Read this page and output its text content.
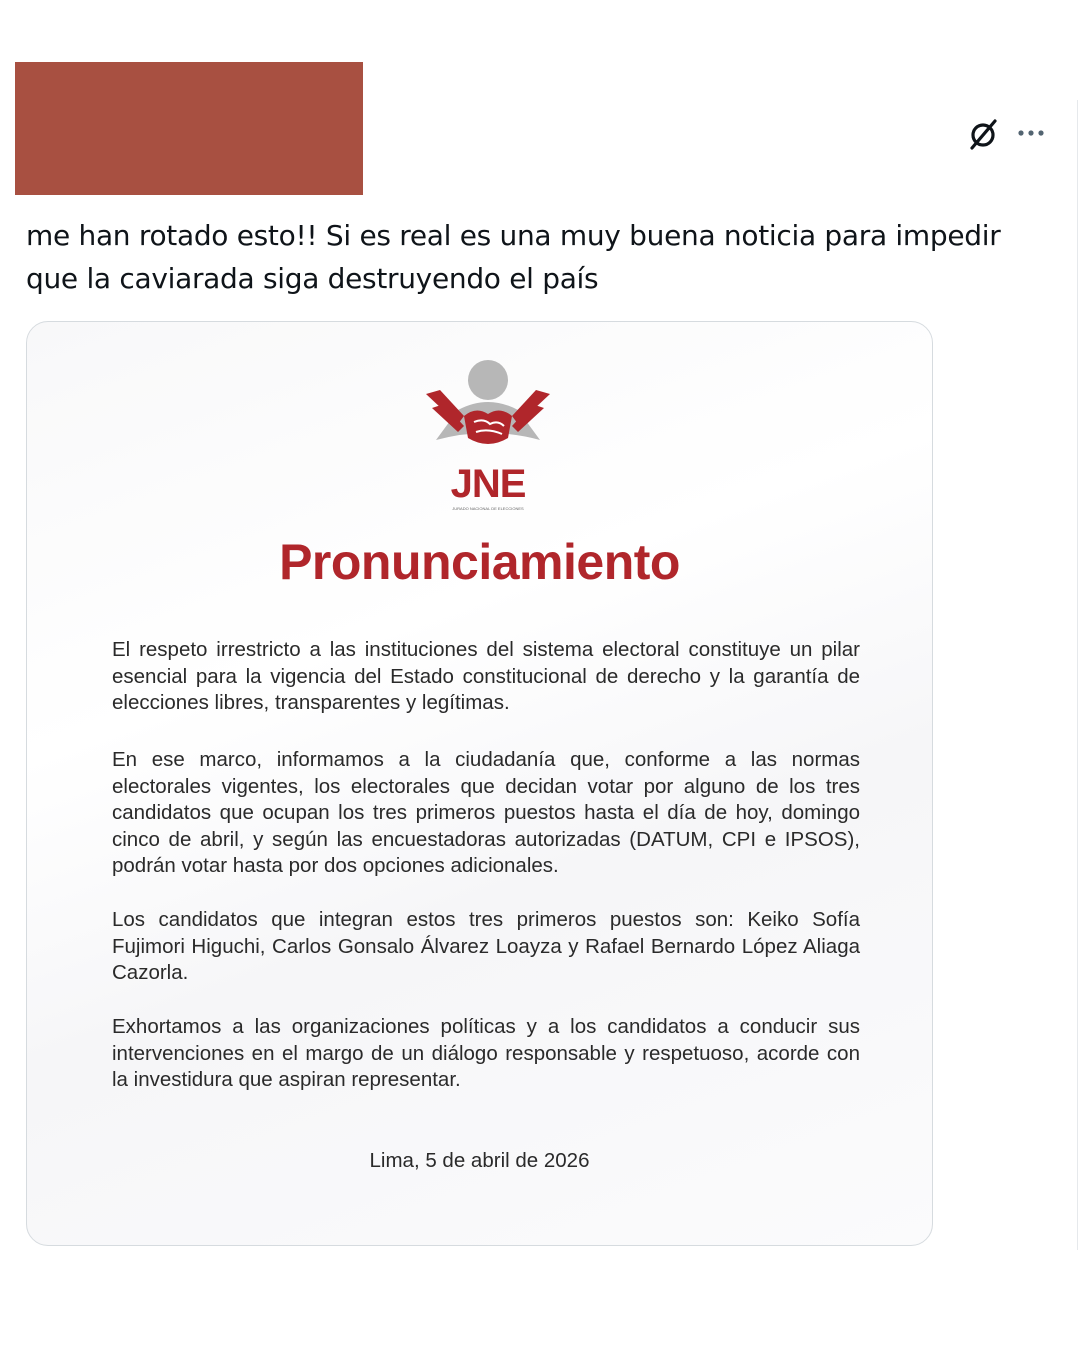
me han rotado esto!! Si es real es una muy buena noticia para impedir que la caviarada siga destruyendo el país
JNE
JURADO NACIONAL DE ELECCIONES
Pronunciamiento

El respeto irrestricto a las instituciones del sistema electoral constituye un pilar esencial para la vigencia del Estado constitucional de derecho y la garantía de elecciones libres, transparentes y legítimas.

En ese marco, informamos a la ciudadanía que, conforme a las normas electorales vigentes, los electorales que decidan votar por alguno de los tres candidatos que ocupan los tres primeros puestos hasta el día de hoy, domingo cinco de abril, y según las encuestadoras autorizadas (DATUM, CPI e IPSOS), podrán votar hasta por dos opciones adicionales.

Los candidatos que integran estos tres primeros puestos son: Keiko Sofía Fujimori Higuchi, Carlos Gonsalo Álvarez Loayza y Rafael Bernardo López Aliaga Cazorla.

Exhortamos a las organizaciones políticas y a los candidatos a conducir sus intervenciones en el margo de un diálogo responsable y respetuoso, acorde con la investidura que aspiran representar.

Lima, 5 de abril de 2026
